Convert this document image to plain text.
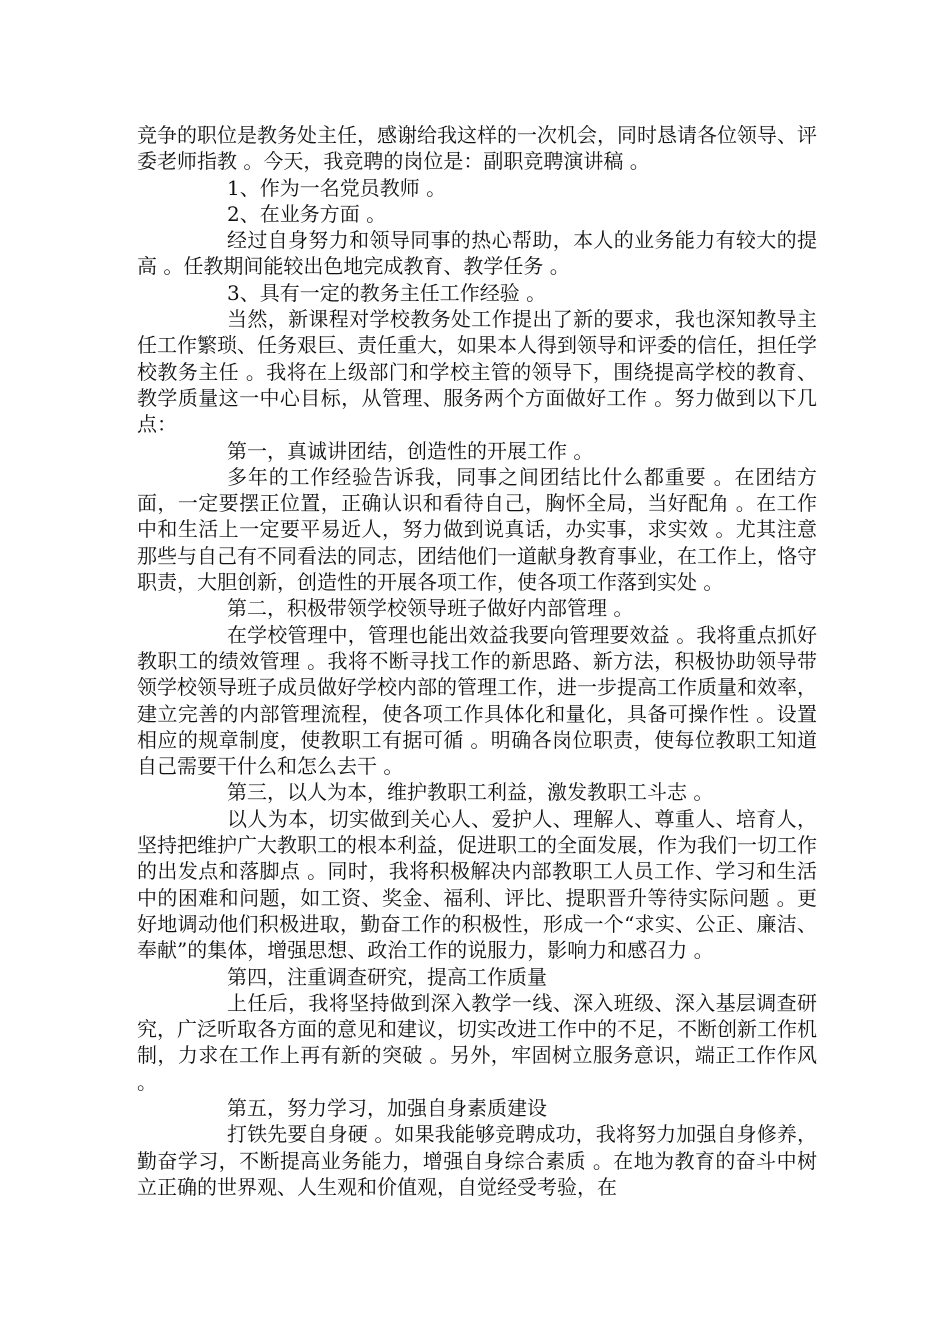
竞争的职位是教务处主任，感谢给我这样的一次机会，同时恳请各位领导、评委老师指教 。今天，我竞聘的岗位是：副职竞聘演讲稿 。

1、作为一名党员教师 。

2、在业务方面 。

经过自身努力和领导同事的热心帮助，本人的业务能力有较大的提高 。任教期间能较出色地完成教育、教学任务 。

3、具有一定的教务主任工作经验 。

当然，新课程对学校教务处工作提出了新的要求，我也深知教导主任工作繁琐、任务艰巨、责任重大，如果本人得到领导和评委的信任，担任学校教务主任 。我将在上级部门和学校主管的领导下，围绕提高学校的教育、教学质量这一中心目标，从管理、服务两个方面做好工作 。努力做到以下几点：

第一，真诚讲团结，创造性的开展工作 。

多年的工作经验告诉我，同事之间团结比什么都重要 。在团结方面，一定要摆正位置，正确认识和看待自己，胸怀全局，当好配角 。在工作中和生活上一定要平易近人，努力做到说真话，办实事，求实效 。尤其注意那些与自己有不同看法的同志，团结他们一道献身教育事业，在工作上，恪守职责，大胆创新，创造性的开展各项工作，使各项工作落到实处 。

第二，积极带领学校领导班子做好内部管理 。

在学校管理中，管理也能出效益我要向管理要效益 。我将重点抓好教职工的绩效管理 。我将不断寻找工作的新思路、新方法，积极协助领导带领学校领导班子成员做好学校内部的管理工作，进一步提高工作质量和效率，建立完善的内部管理流程，使各项工作具体化和量化，具备可操作性 。设置相应的规章制度，使教职工有据可循 。明确各岗位职责，使每位教职工知道自己需要干什么和怎么去干 。

第三，以人为本，维护教职工利益，激发教职工斗志 。

以人为本，切实做到关心人、爱护人、理解人、尊重人、培育人，坚持把维护广大教职工的根本利益，促进职工的全面发展，作为我们一切工作的出发点和落脚点 。同时，我将积极解决内部教职工人员工作、学习和生活中的困难和问题，如工资、奖金、福利、评比、提职晋升等待实际问题 。更好地调动他们积极进取，勤奋工作的积极性，形成一个“求实、公正、廉洁、奉献”的集体，增强思想、政治工作的说服力，影响力和感召力 。

第四，注重调查研究，提高工作质量

上任后，我将坚持做到深入教学一线、深入班级、深入基层调查研究，广泛听取各方面的意见和建议，切实改进工作中的不足，不断创新工作机制，力求在工作上再有新的突破 。另外，牢固树立服务意识，端正工作作风 。

第五，努力学习，加强自身素质建设

打铁先要自身硬 。如果我能够竞聘成功，我将努力加强自身修养，勤奋学习，不断提高业务能力，增强自身综合素质 。在地为教育的奋斗中树立正确的世界观、人生观和价值观，自觉经受考验，在
